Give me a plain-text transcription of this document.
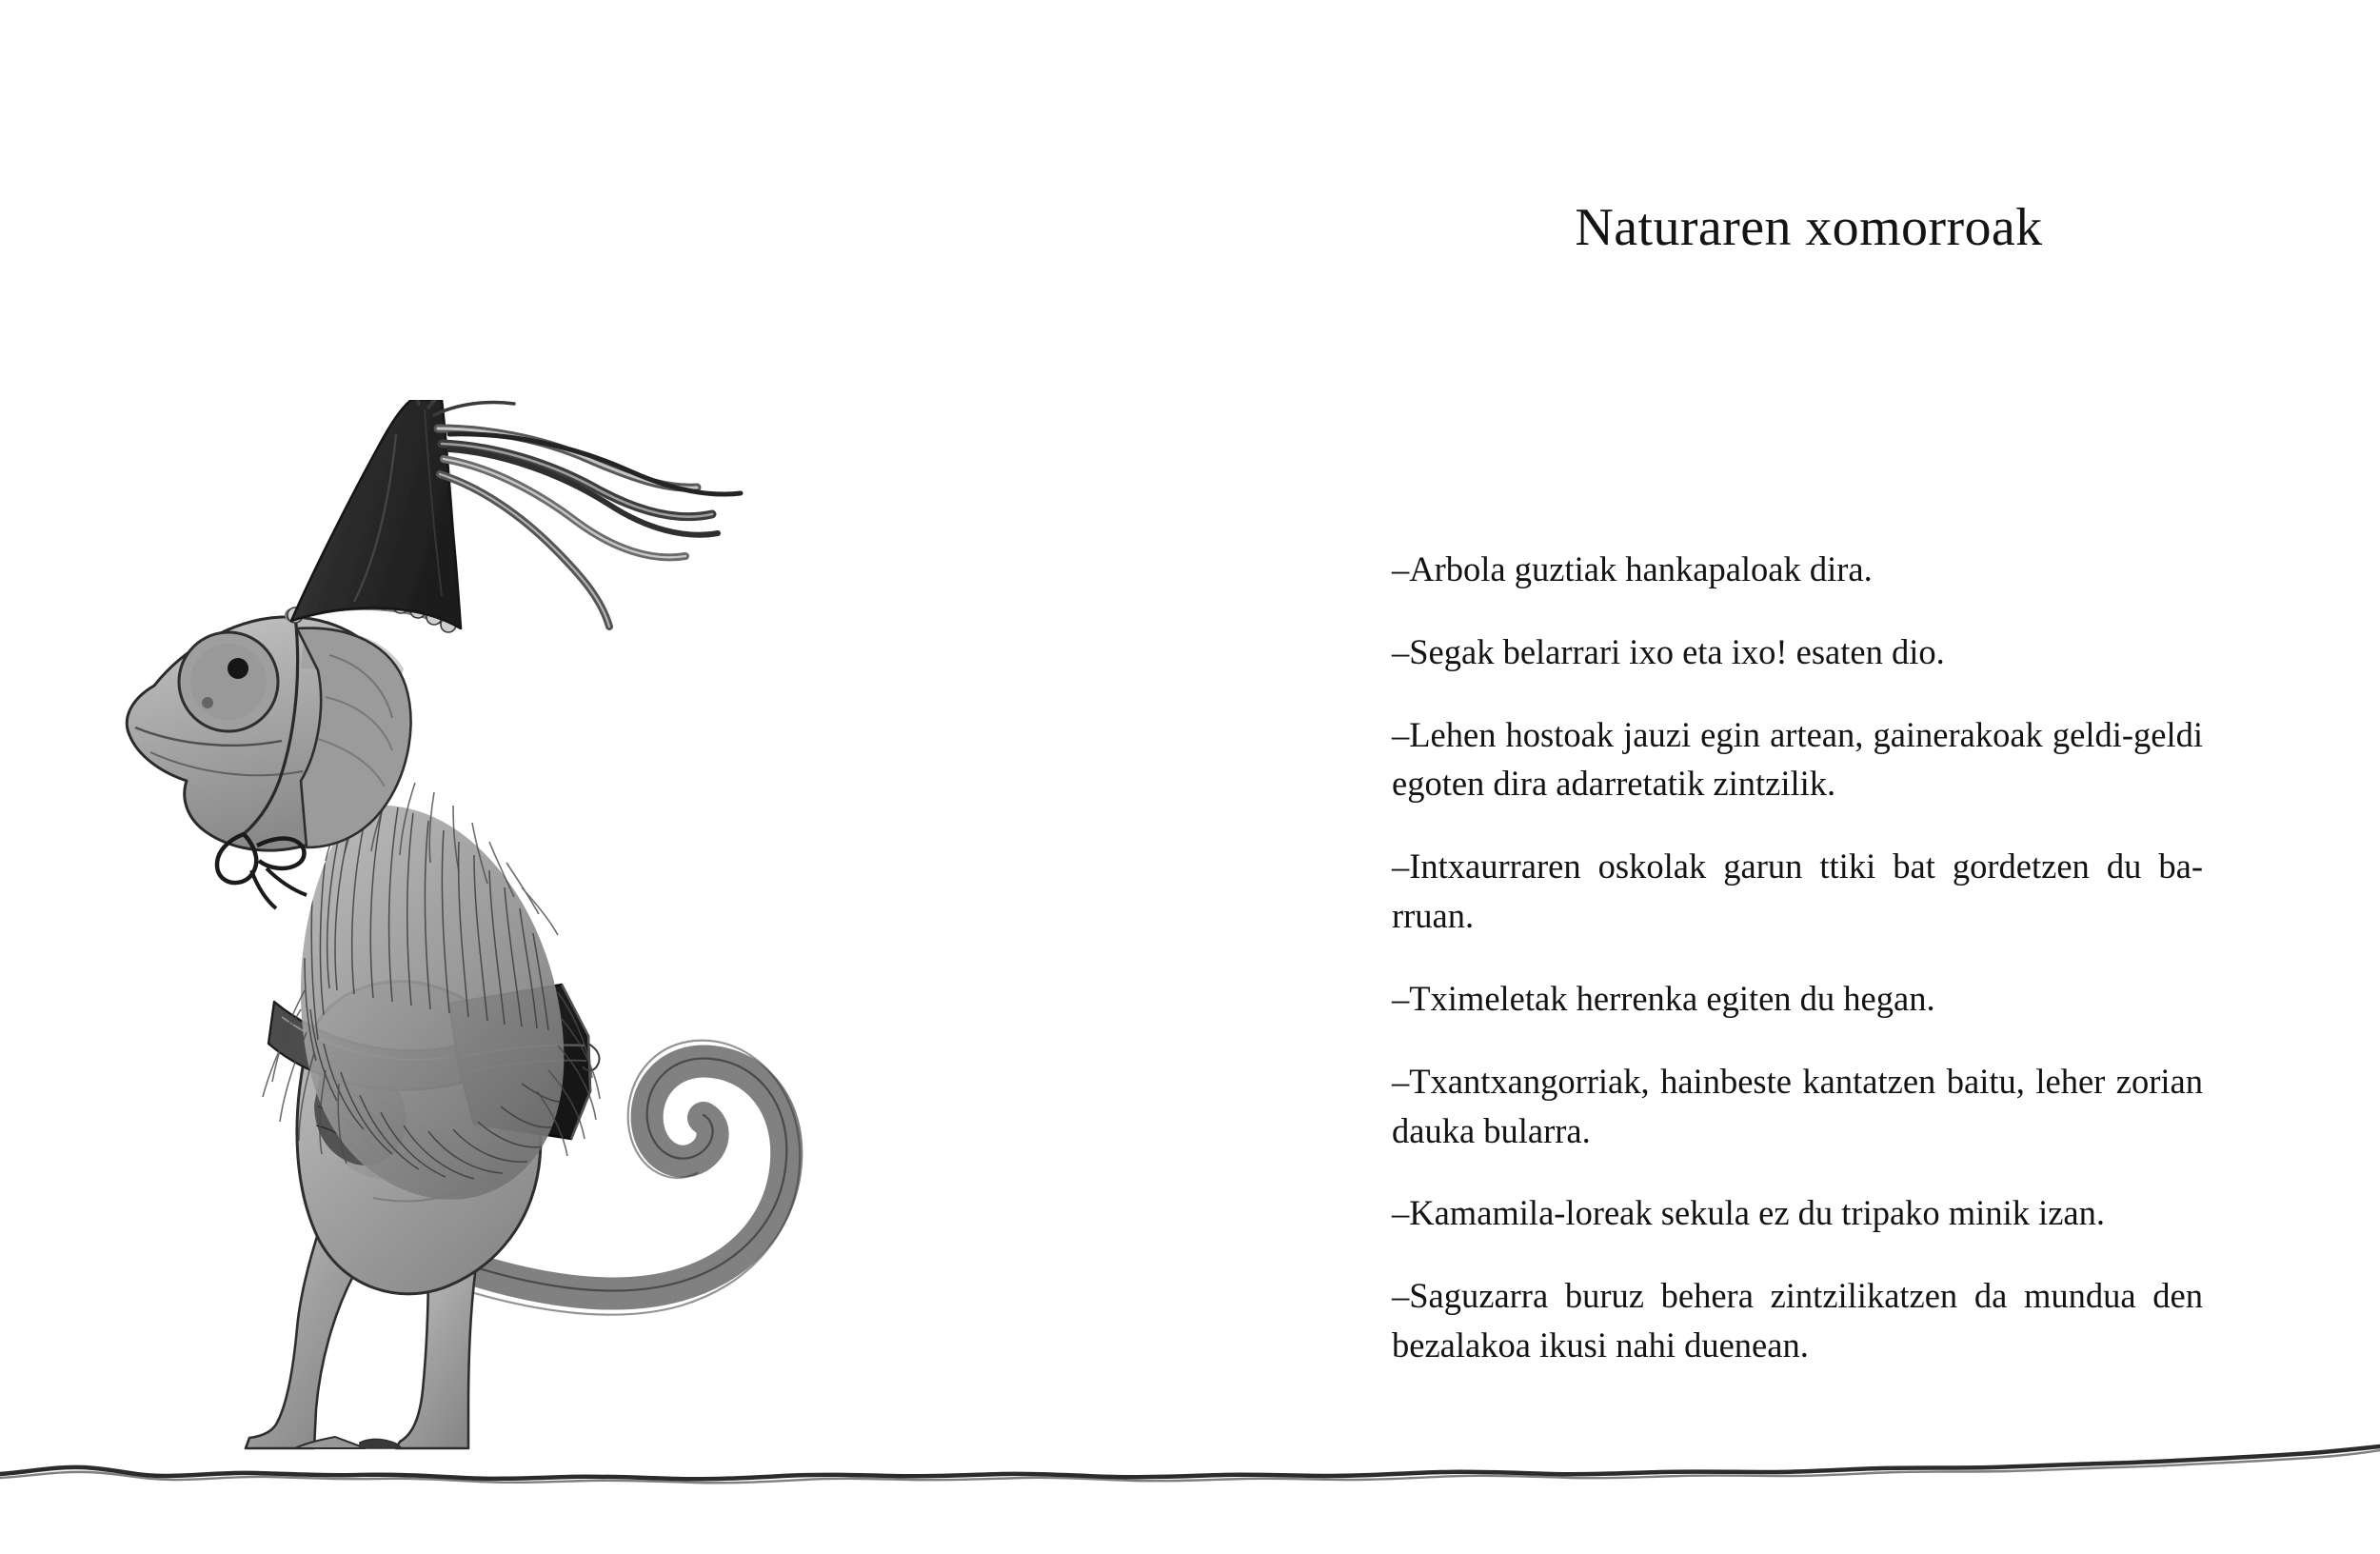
Naturaren xomorroak

–Arbola guztiak hankapaloak dira.

–Segak belarrari ixo eta ixo! esaten dio.

–Lehen hostoak jauzi egin artean, gainerakoak geldi-geldi egoten dira adarretatik zintzilik.

–Intxaurraren oskolak garun ttiki bat gordetzen du barruan.

–Tximeletak herrenka egiten du hegan.

–Txantxangorriak, hainbeste kantatzen baitu, leher zorian dauka bularra.

–Kamamila-loreak sekula ez du tripako minik izan.

–Saguzarra buruz behera zintzilikatzen da mundua den bezalakoa ikusi nahi duenean.
